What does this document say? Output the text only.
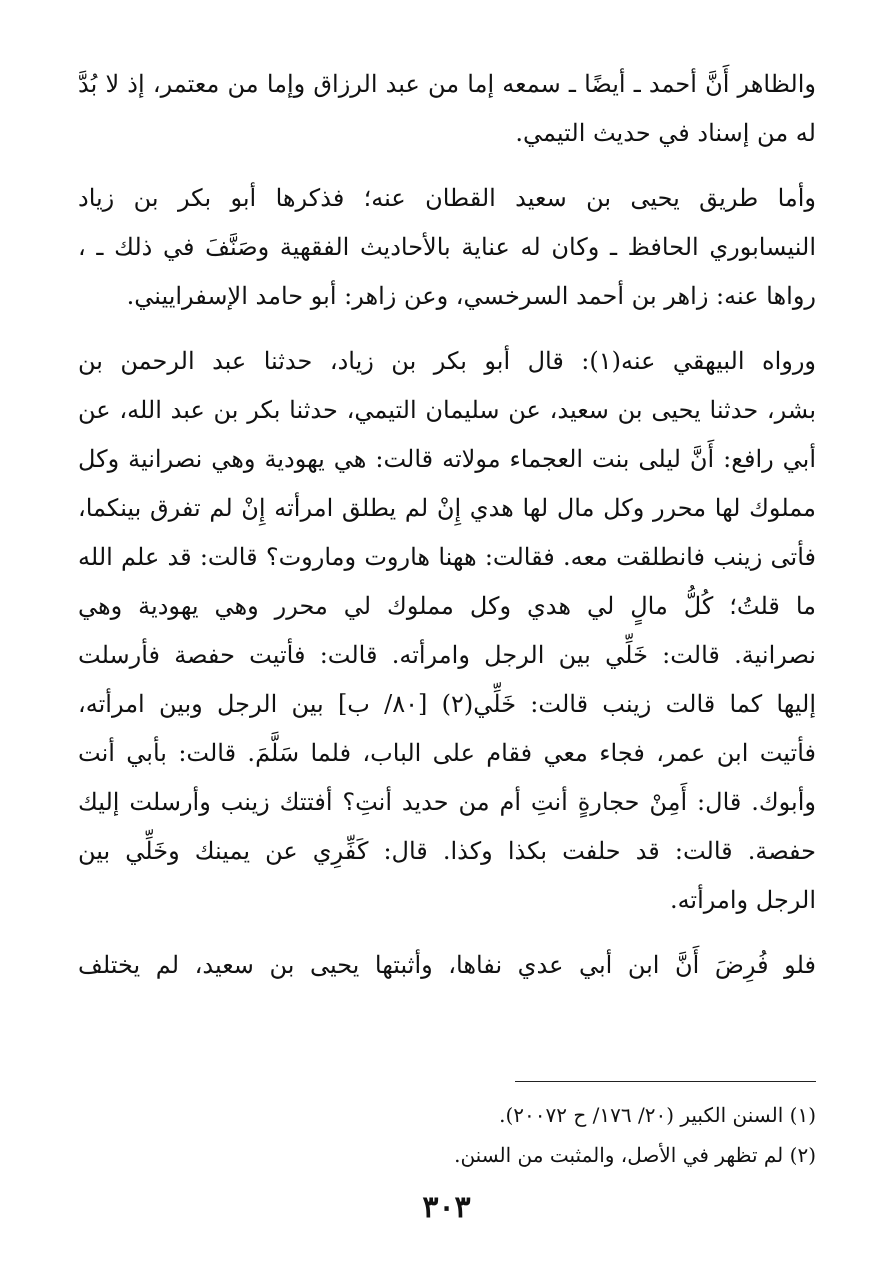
والظاهر أَنَّ أحمد ـ أيضًا ـ سمعه إما من عبد الرزاق وإما من معتمر، إذ لا بُدَّ
له من إسناد في حديث التيمي.

وأما طريق يحيى بن سعيد القطان عنه؛ فذكرها أبو بكر بن زياد
النيسابوري الحافظ ـ وكان له عناية بالأحاديث الفقهية وصَنَّفَ في ذلك ـ ،
رواها عنه: زاهر بن أحمد السرخسي، وعن زاهر: أبو حامد الإسفراييني.

ورواه البيهقي عنه(١): قال أبو بكر بن زياد، حدثنا عبد الرحمن بن
بشر، حدثنا يحيى بن سعيد، عن سليمان التيمي، حدثنا بكر بن عبد الله، عن
أبي رافع: أَنَّ ليلى بنت العجماء مولاته قالت: هي يهودية وهي نصرانية وكل
مملوك لها محرر وكل مال لها هدي إِنْ لم يطلق امرأته إِنْ لم تفرق بينكما،
فأتى زينب فانطلقت معه. فقالت: ههنا هاروت وماروت؟ قالت: قد علم الله
ما قلتُ؛ كُلُّ مالٍ لي هدي وكل مملوك لي محرر وهي يهودية وهي
نصرانية. قالت: خَلِّي بين الرجل وامرأته. قالت: فأتيت حفصة فأرسلت
إليها كما قالت زينب قالت: خَلِّي(٢) [٨٠/ ب] بين الرجل وبين امرأته،
فأتيت ابن عمر، فجاء معي فقام على الباب، فلما سَلَّمَ. قالت: بأبي أنت
وأبوك. قال: أَمِنْ حجارةٍ أنتِ أم من حديد أنتِ؟ أفتتك زينب وأرسلت إليك
حفصة. قالت: قد حلفت بكذا وكذا. قال: كَفِّرِي عن يمينك وخَلِّي بين
الرجل وامرأته.

فلو فُرِضَ أَنَّ ابن أبي عدي نفاها، وأثبتها يحيى بن سعيد، لم يختلف

(١) السنن الكبير (٢٠/ ١٧٦/ ح ٢٠٠٧٢).
(٢) لم تظهر في الأصل، والمثبت من السنن.
٣٠٣
